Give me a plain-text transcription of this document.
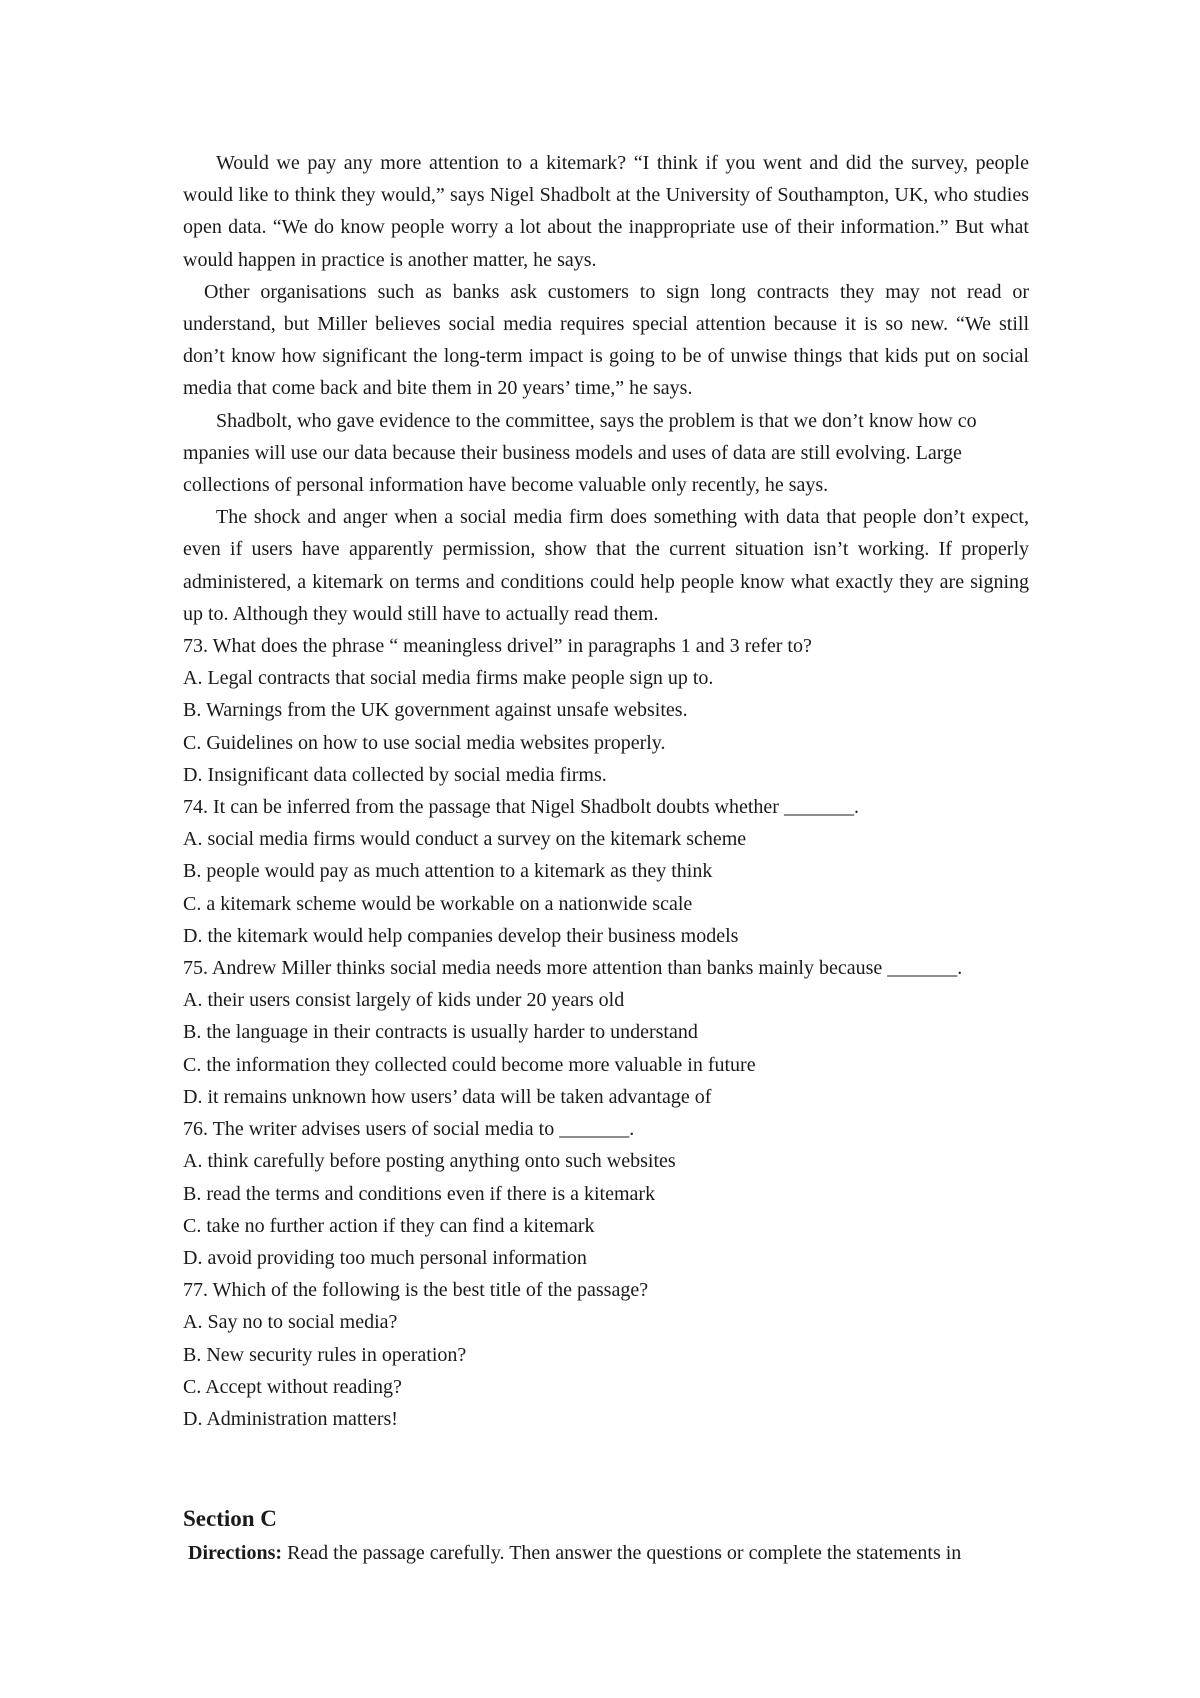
Would we pay any more attention to a kitemark? “I think if you went and did the survey, people would like to think they would,” says Nigel Shadbolt at the University of Southampton, UK, who studies open data. “We do know people worry a lot about the inappropriate use of their information.” But what would happen in practice is another matter, he says.

Other organisations such as banks ask customers to sign long contracts they may not read or understand, but Miller believes social media requires special attention because it is so new. “We still don’t know how significant the long-term impact is going to be of unwise things that kids put on social media that come back and bite them in 20 years’ time,” he says.

Shadbolt, who gave evidence to the committee, says the problem is that we don’t know how co mpanies will use our data because their business models and uses of data are still evolving. Large collections of personal information have become valuable only recently, he says.

The shock and anger when a social media firm does something with data that people don’t expect, even if users have apparently permission, show that the current situation isn’t working. If properly administered, a kitemark on terms and conditions could help people know what exactly they are signing up to. Although they would still have to actually read them.

73. What does the phrase “ meaningless drivel” in paragraphs 1 and 3 refer to?

A. Legal contracts that social media firms make people sign up to.

B. Warnings from the UK government against unsafe websites.

C. Guidelines on how to use social media websites properly.

D. Insignificant data collected by social media firms.

74. It can be inferred from the passage that Nigel Shadbolt doubts whether _______.

A. social media firms would conduct a survey on the kitemark scheme

B. people would pay as much attention to a kitemark as they think

C. a kitemark scheme would be workable on a nationwide scale

D. the kitemark would help companies develop their business models

75. Andrew Miller thinks social media needs more attention than banks mainly because _______.

A. their users consist largely of kids under 20 years old

B. the language in their contracts is usually harder to understand

C. the information they collected could become more valuable in future

D. it remains unknown how users’ data will be taken advantage of

76. The writer advises users of social media to _______.

A. think carefully before posting anything onto such websites

B. read the terms and conditions even if there is a kitemark

C. take no further action if they can find a kitemark

D. avoid providing too much personal information

77. Which of the following is the best title of the passage?

A. Say no to social media?

B. New security rules in operation?

C. Accept without reading?

D. Administration matters!

Section C

Directions: Read the passage carefully. Then answer the questions or complete the statements in
